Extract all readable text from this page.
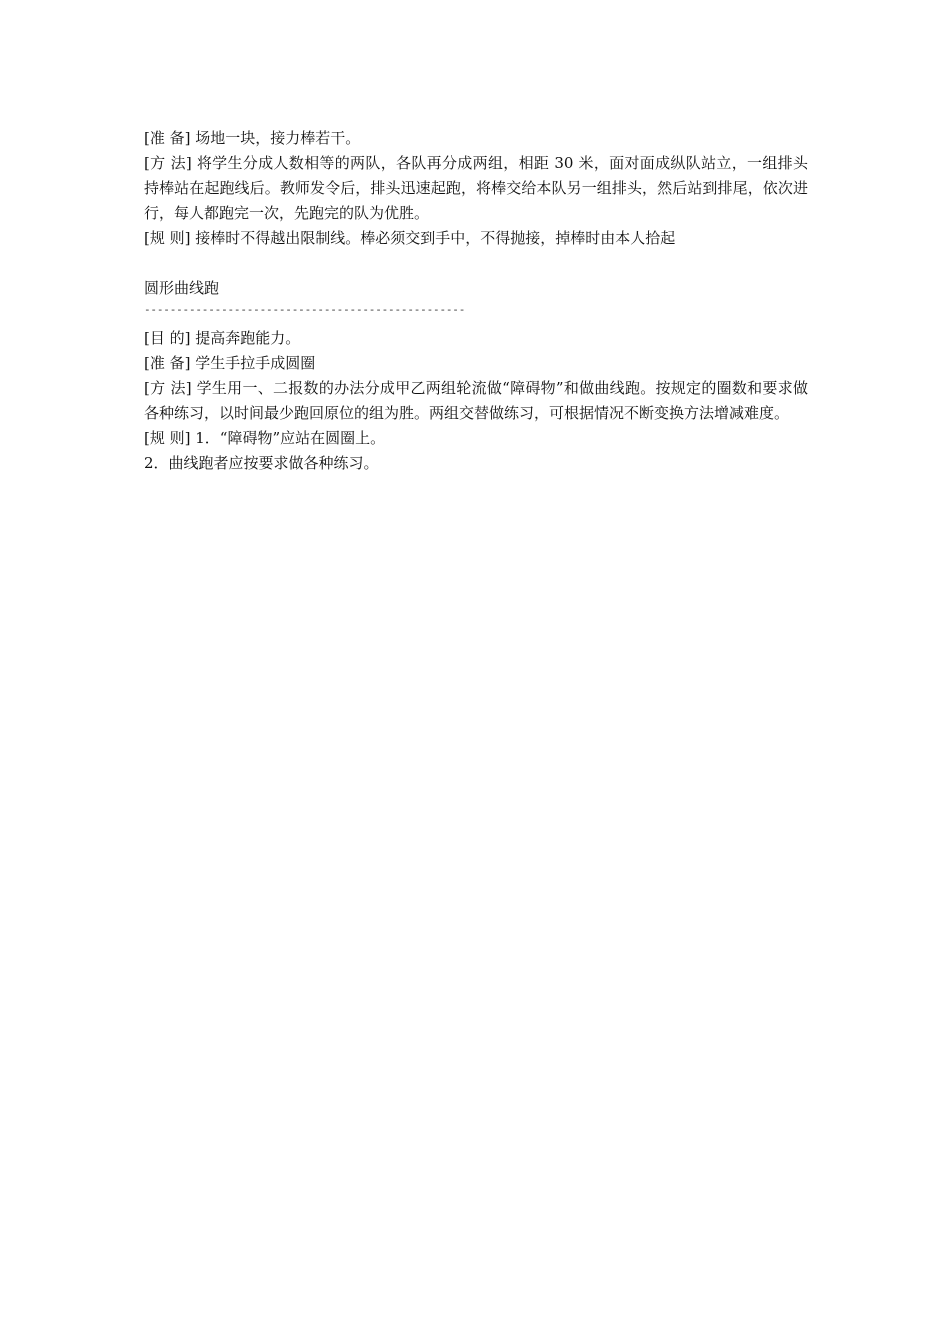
[准 备] 场地一块，接力棒若干。

[方 法] 将学生分成人数相等的两队，各队再分成两组，相距 30 米，面对面成纵队站立，一组排头持棒站在起跑线后。教师发令后，排头迅速起跑，将棒交给本队另一组排头，然后站到排尾，依次进行，每人都跑完一次，先跑完的队为优胜。

[规 则] 接棒时不得越出限制线。棒必须交到手中，不得抛接，掉棒时由本人拾起

圆形曲线跑

--------------------------------------------------

[目 的] 提高奔跑能力。

[准 备] 学生手拉手成圆圈

[方 法] 学生用一、二报数的办法分成甲乙两组轮流做“障碍物”和做曲线跑。按规定的圈数和要求做各种练习，以时间最少跑回原位的组为胜。两组交替做练习，可根据情况不断变换方法增减难度。

[规 则] 1．“障碍物”应站在圆圈上。

2．曲线跑者应按要求做各种练习。
